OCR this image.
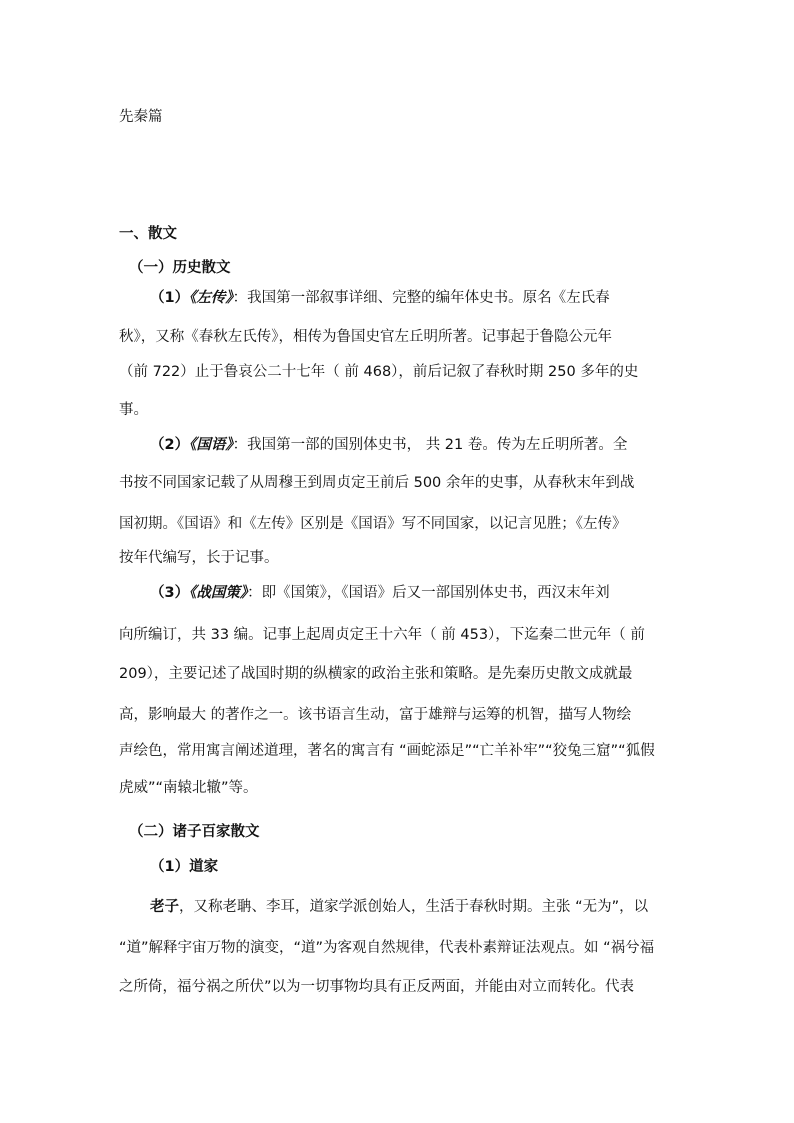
先秦篇

一、散文

（一）历史散文

（1）《左传》：我国第一部叙事详细、完整的编年体史书。原名《左氏春

秋》，又称《春秋左氏传》，相传为鲁国史官左丘明所著。记事起于鲁隐公元年

（前 722）止于鲁哀公二十七年（ 前 468），前后记叙了春秋时期 250 多年的史

事。

（2）《国语》：我国第一部的国别体史书， 共 21 卷。传为左丘明所著。全

书按不同国家记载了从周穆王到周贞定王前后 500 余年的史事，从春秋末年到战

国初期。《国语》和《左传》区别是《国语》写不同国家，以记言见胜；《左传》

按年代编写，长于记事。

（3）《战国策》：即《国策》，《国语》后又一部国别体史书，西汉末年刘

向所编订，共 33 编。记事上起周贞定王十六年（ 前 453），下迄秦二世元年（ 前

209），主要记述了战国时期的纵横家的政治主张和策略。是先秦历史散文成就最

高，影响最大 的著作之一。该书语言生动，富于雄辩与运筹的机智，描写人物绘

声绘色，常用寓言阐述道理，著名的寓言有 “画蛇添足”“亡羊补牢”“狡兔三窟”“狐假

虎威”“南辕北辙”等。

（二）诸子百家散文

（1）道家

老子，又称老聃、李耳，道家学派创始人，生活于春秋时期。主张 “无为”，以

“道”解释宇宙万物的演变，“道”为客观自然规律，代表朴素辩证法观点。如 “祸兮福

之所倚，福兮祸之所伏”以为一切事物均具有正反两面，并能由对立而转化。代表
